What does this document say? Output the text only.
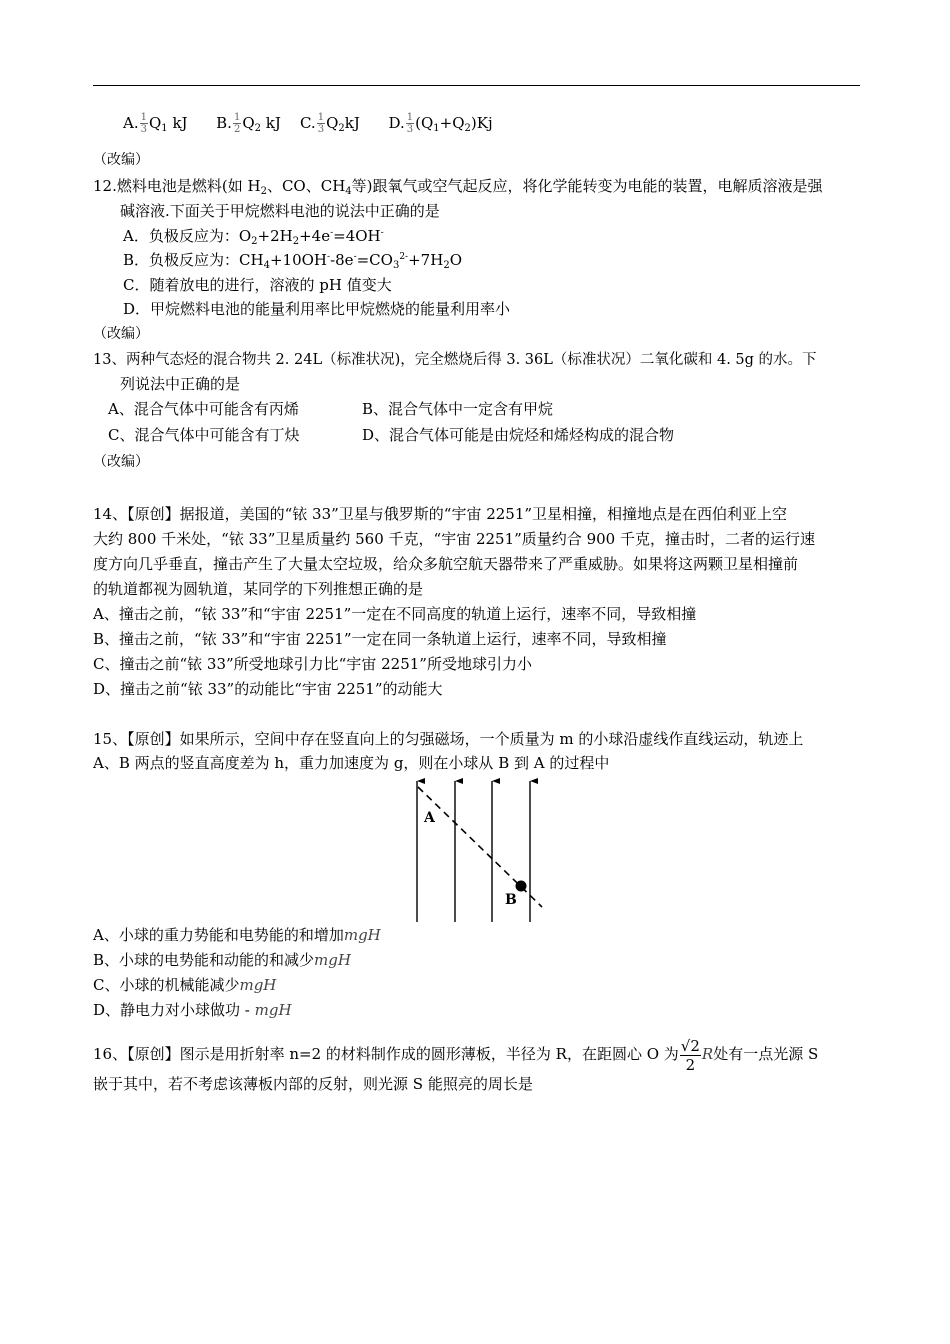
A. $\frac{1}{3} Q_1$ kJ B. $\frac{1}{2} Q_2$ kJ C. $\frac{1}{3} Q_2kJ$ D. $\frac{1}{3} (Q_1+Q_2)Kj$
（改编）
12.燃料电池是燃料(如 $H_2$、CO、$CH_4$等)跟氧气或空气起反应，将化学能转变为电能的装置，电解质溶液是强
碱溶液.下面关于甲烷燃料电池的说法中正确的是
A．负极反应为：$O_2+2H_2+4e^-=4OH^-$
B．负极反应为：$CH_4+10OH^--8e^-=CO_3^{2-}+7H_2O$
C．随着放电的进行，溶液的 pH 值变大
D．甲烷燃料电池的能量利用率比甲烷燃烧的能量利用率小
（改编）
13、两种气态烃的混合物共 2. 24L（标准状况)，完全燃烧后得 3. 36L（标准状况）二氧化碳和 4. 5g 的水。下
列说法中正确的是
A、混合气体中可能含有丙烯	B、混合气体中一定含有甲烷
C、混合气体中可能含有丁炔	D、混合气体可能是由烷烃和烯烃构成的混合物
（改编）
14、【原创】据报道，美国的“铱 33”卫星与俄罗斯的“宇宙 2251”卫星相撞，相撞地点是在西伯利亚上空
大约 800 千米处，“铱 33”卫星质量约 560 千克，“宇宙 2251”质量约合 900 千克，撞击时，二者的运行速
度方向几乎垂直，撞击产生了大量太空垃圾，给众多航空航天器带来了严重威胁。如果将这两颗卫星相撞前
的轨道都视为圆轨道，某同学的下列推想正确的是
A、撞击之前，“铱 33”和“宇宙 2251”一定在不同高度的轨道上运行，速率不同，导致相撞
B、撞击之前，“铱 33”和“宇宙 2251”一定在同一条轨道上运行，速率不同，导致相撞
C、撞击之前“铱 33”所受地球引力比“宇宙 2251”所受地球引力小
D、撞击之前“铱 33”的动能比“宇宙 2251”的动能大
15、【原创】如果所示，空间中存在竖直向上的匀强磁场，一个质量为 m 的小球沿虚线作直线运动，轨迹上
A、B 两点的竖直高度差为 h，重力加速度为 g，则在小球从 B 到 A 的过程中
A
B
A、小球的重力势能和电势能的和增加mgH
B、小球的电势能和动能的和减少mgH
C、小球的机械能减少mgH
D、静电力对小球做功 - mgH
16、【原创】图示是用折射率 n=2 的材料制作成的圆形薄板，半径为 R，在距圆心 O 为 $\frac{√2}{2}$ R处有一点光源 S
嵌于其中，若不考虑该薄板内部的反射，则光源 S 能照亮的周长是
